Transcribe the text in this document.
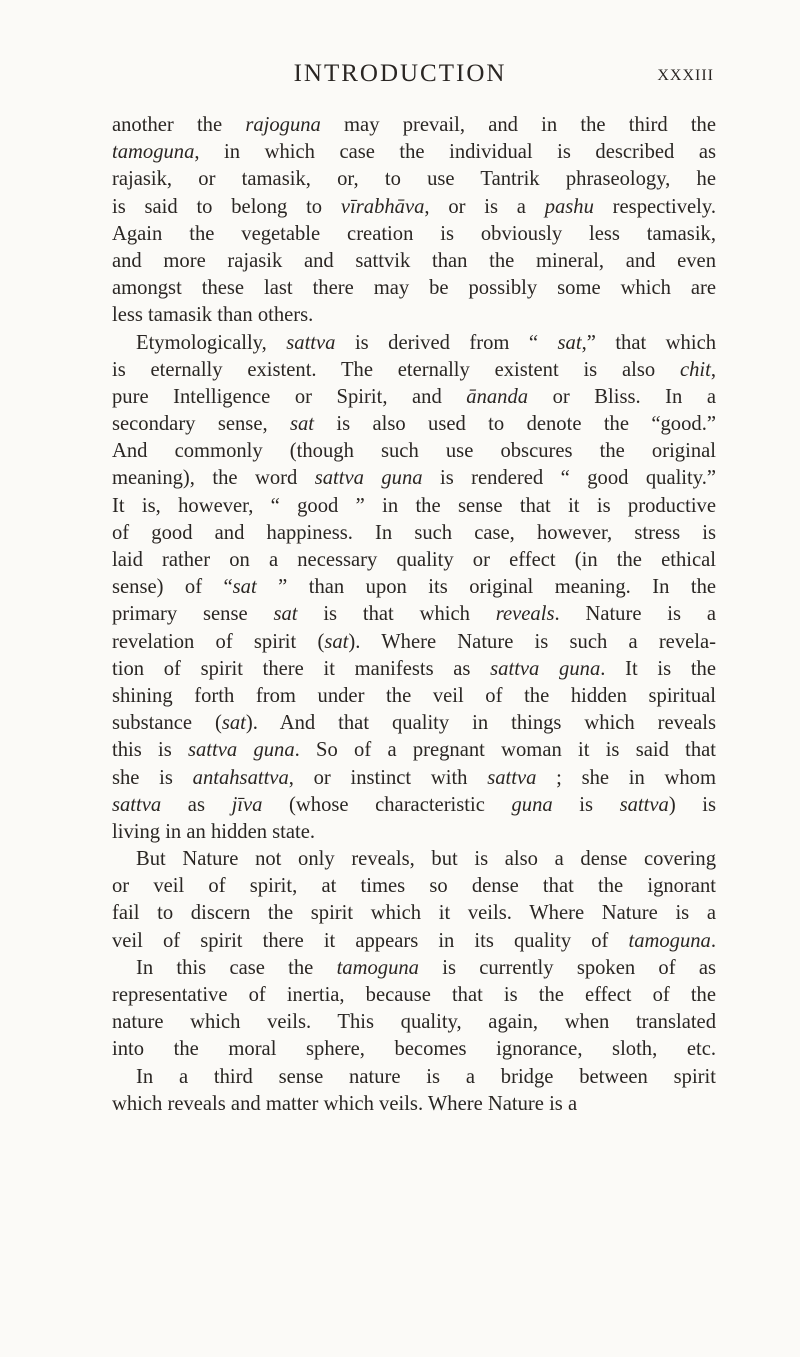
INTRODUCTION	xxxiii
another the rajoguna may prevail, and in the third the
tamoguna, in which case the individual is described as
rajasik, or tamasik, or, to use Tantrik phraseology, he
is said to belong to vīrabhāva, or is a pashu respectively.
Again the vegetable creation is obviously less tamasik,
and more rajasik and sattvik than the mineral, and even
amongst these last there may be possibly some which are
less tamasik than others.
Etymologically, sattva is derived from “ sat,” that which
is eternally existent. The eternally existent is also chit,
pure Intelligence or Spirit, and ānanda or Bliss. In a
secondary sense, sat is also used to denote the “good.”
And commonly (though such use obscures the original
meaning), the word sattva guna is rendered “ good quality.”
It is, however, “ good ” in the sense that it is productive
of good and happiness. In such case, however, stress is
laid rather on a necessary quality or effect (in the ethical
sense) of “sat ” than upon its original meaning. In the
primary sense sat is that which reveals. Nature is a
revelation of spirit (sat). Where Nature is such a revela-
tion of spirit there it manifests as sattva guna. It is the
shining forth from under the veil of the hidden spiritual
substance (sat). And that quality in things which reveals
this is sattva guna. So of a pregnant woman it is said that
she is antahsattva, or instinct with sattva ; she in whom
sattva as jīva (whose characteristic guna is sattva) is
living in an hidden state.
But Nature not only reveals, but is also a dense covering
or veil of spirit, at times so dense that the ignorant
fail to discern the spirit which it veils. Where Nature is a
veil of spirit there it appears in its quality of tamoguna.
In this case the tamoguna is currently spoken of as
representative of inertia, because that is the effect of the
nature which veils. This quality, again, when translated
into the moral sphere, becomes ignorance, sloth, etc.
In a third sense nature is a bridge between spirit
which reveals and matter which veils. Where Nature is a
